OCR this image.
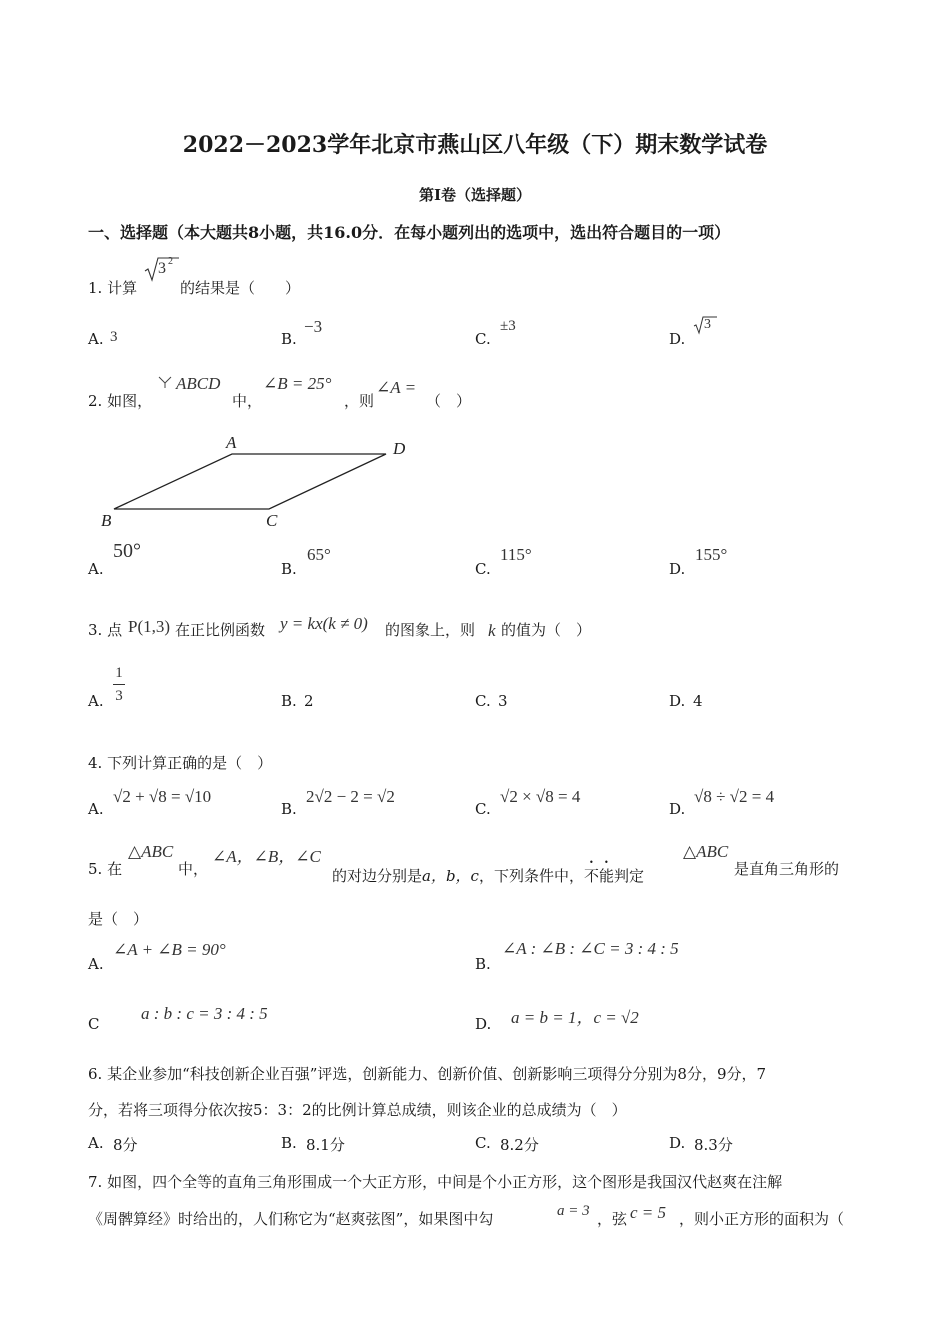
2022－2023学年北京市燕山区八年级（下）期末数学试卷
第I卷（选择题）
一、选择题（本大题共8小题，共16.0分．在每小题列出的选项中，选出符合题目的一项）
1. 计算
3 2
的结果是（　　）
A. 3	B.
−3
C.
±3
D.
3
2. 如图，
ABCD
中，
∠B = 25°
，则
∠A =
（　）
A	D
B	C
A.
50°
B.
65°
C.
115°
D.
155°
3. 点 P(1,3) 在正比例函数 y = kx(k ≠ 0) 的图象上，则 k 的值为（　）
A.
1
3	B. 2	C. 3	D. 4
4. 下列计算正确的是（　）
A.
√2 + √8 = √10
B.
2√2 − 2 = √2
C.
√2 × √8 = 4
D.
√8 ÷ √2 = 4
5. 在
△ABC
中，
∠A，∠B，∠C
的对边分别是a，b，c，下列条件中，不能判定
△ABC
是直角三角形的
是（　）
A.
∠A + ∠B = 90°
B.
∠A : ∠B : ∠C = 3 : 4 : 5
C
a : b : c = 3 : 4 : 5
D. a = b = 1，c = √2
6. 某企业参加“科技创新企业百强”评选，创新能力、创新价值、创新影响三项得分分别为8分，9分，7
分，若将三项得分依次按5：3：2的比例计算总成绩，则该企业的总成绩为（　）
A. 8分	B. 8.1分	C. 8.2分	D. 8.3分
7. 如图，四个全等的直角三角形围成一个大正方形，中间是个小正方形，这个图形是我国汉代赵爽在注解
《周髀算经》时给出的，人们称它为“赵爽弦图”，如果图中勾	a = 3 ，弦 c = 5 ，则小正方形的面积为（
